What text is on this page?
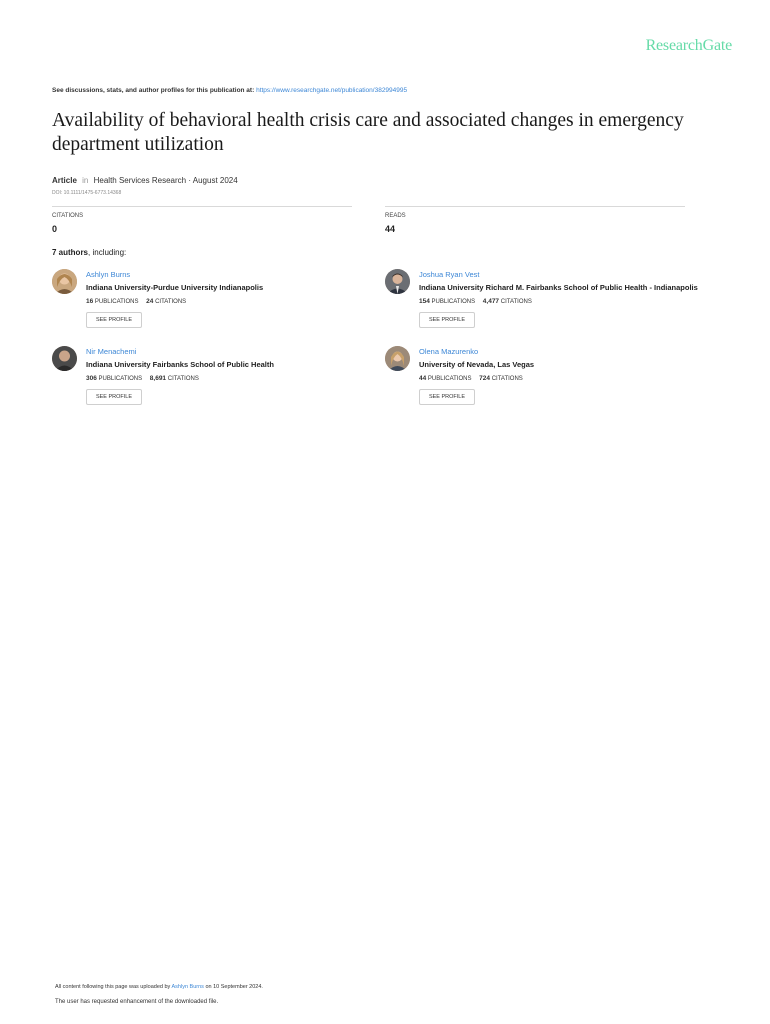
ResearchGate
See discussions, stats, and author profiles for this publication at: https://www.researchgate.net/publication/382994995
Availability of behavioral health crisis care and associated changes in emergency department utilization
Article in Health Services Research · August 2024
DOI: 10.1111/1475-6773.14368
CITATIONS
0
READS
44
7 authors, including:
Ashlyn Burns
Indiana University-Purdue University Indianapolis
16 PUBLICATIONS 24 CITATIONS
SEE PROFILE
Joshua Ryan Vest
Indiana University Richard M. Fairbanks School of Public Health - Indianapolis
154 PUBLICATIONS 4,477 CITATIONS
SEE PROFILE
Nir Menachemi
Indiana University Fairbanks School of Public Health
306 PUBLICATIONS 8,691 CITATIONS
SEE PROFILE
Olena Mazurenko
University of Nevada, Las Vegas
44 PUBLICATIONS 724 CITATIONS
SEE PROFILE
All content following this page was uploaded by Ashlyn Burns on 10 September 2024.
The user has requested enhancement of the downloaded file.
